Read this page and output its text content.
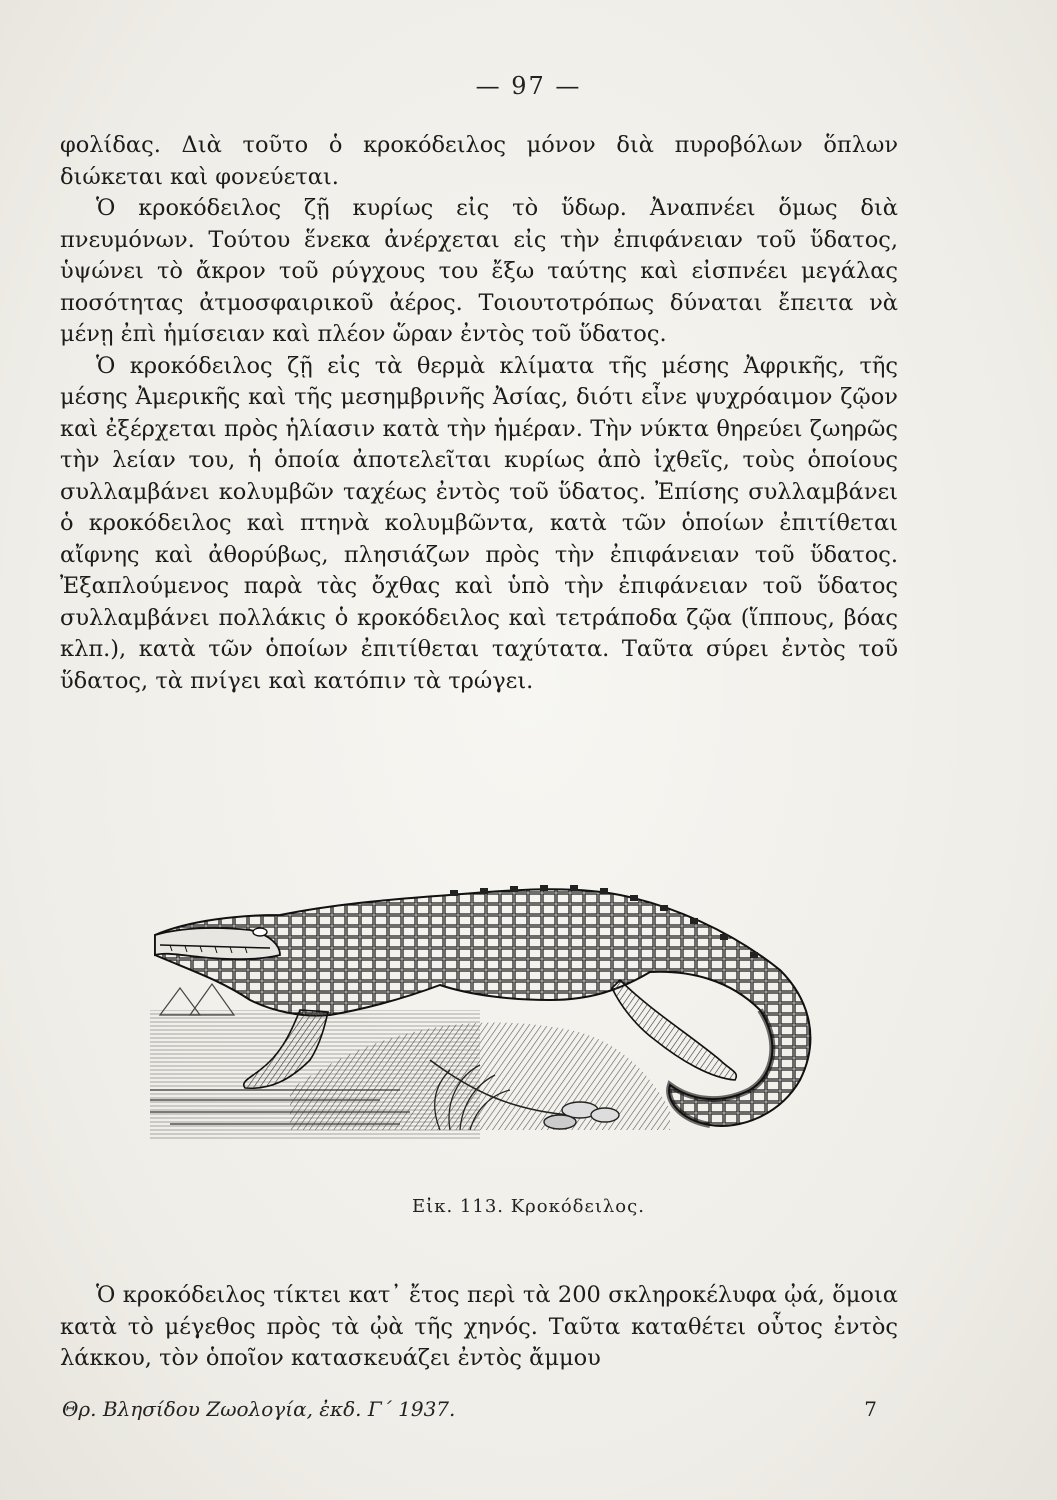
— 97 —

φολίδας. Διὰ τοῦτο ὁ κροκόδειλος μόνον διὰ πυροβόλων ὅπλων διώκεται καὶ φονεύεται.

Ὁ κροκόδειλος ζῇ κυρίως εἰς τὸ ὕδωρ. Ἀναπνέει ὅμως διὰ πνευμόνων. Τούτου ἕνεκα ἀνέρχεται εἰς τὴν ἐπιφάνειαν τοῦ ὕδατος, ὑψώνει τὸ ἄκρον τοῦ ρύγχους του ἔξω ταύτης καὶ εἰσπνέει μεγάλας ποσότητας ἀτμοσφαιρικοῦ ἀέρος. Τοιουτοτρόπως δύναται ἔπειτα νὰ μένῃ ἐπὶ ἡμίσειαν καὶ πλέον ὥραν ἐντὸς τοῦ ὕδατος.

Ὁ κροκόδειλος ζῇ εἰς τὰ θερμὰ κλίματα τῆς μέσης Ἀφρικῆς, τῆς μέσης Ἀμερικῆς καὶ τῆς μεσημβρινῆς Ἀσίας, διότι εἶνε ψυχρόαιμον ζῷον καὶ ἐξέρχεται πρὸς ἡλίασιν κατὰ τὴν ἡμέραν. Τὴν νύκτα θηρεύει ζωηρῶς τὴν λείαν του, ἡ ὁποία ἀποτελεῖται κυρίως ἀπὸ ἰχθεῖς, τοὺς ὁποίους συλλαμβάνει κολυμβῶν ταχέως ἐντὸς τοῦ ὕδατος. Ἐπίσης συλλαμβάνει ὁ κροκόδειλος καὶ πτηνὰ κολυμβῶντα, κατὰ τῶν ὁποίων ἐπιτίθεται αἴφνης καὶ ἀθορύβως, πλησιάζων πρὸς τὴν ἐπιφάνειαν τοῦ ὕδατος. Ἐξαπλούμενος παρὰ τὰς ὄχθας καὶ ὑπὸ τὴν ἐπιφάνειαν τοῦ ὕδατος συλλαμβάνει πολλάκις ὁ κροκόδειλος καὶ τετράποδα ζῷα (ἵππους, βόας κλπ.), κατὰ τῶν ὁποίων ἐπιτίθεται ταχύτατα. Ταῦτα σύρει ἐντὸς τοῦ ὕδατος, τὰ πνίγει καὶ κατόπιν τὰ τρώγει.

Εἰκ. 113. Κροκόδειλος.

Ὁ κροκόδειλος τίκτει κατ᾽ ἔτος περὶ τὰ 200 σκληροκέλυφα ᾠά, ὅμοια κατὰ τὸ μέγεθος πρὸς τὰ ᾠὰ τῆς χηνός. Ταῦτα καταθέτει οὗτος ἐντὸς λάκκου, τὸν ὁποῖον κατασκευάζει ἐντὸς ἄμμου

Θρ. Βλησίδου Ζωολογία, ἐκδ. Γ΄ 1937.	7
